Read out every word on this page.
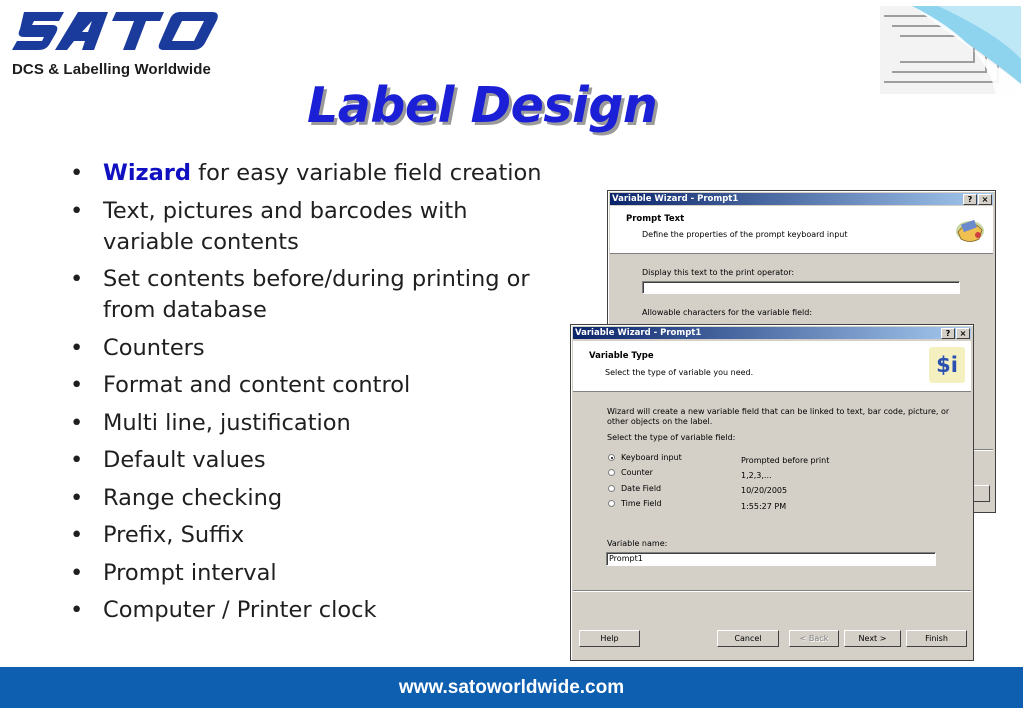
DCS & Labelling Worldwide
Label Design
• Wizard for easy variable field creation
• Text, pictures and barcodes with variable contents
• Set contents before/during printing or from database
• Counters
• Format and content control
• Multi line, justification
• Default values
• Range checking
• Prefix, Suffix
• Prompt interval
• Computer / Printer clock
Variable Wizard - Prompt1	?	×
Prompt Text
Define the properties of the prompt keyboard input
Display this text to the print operator:
Allowable characters for the variable field:
Variable Wizard - Prompt1	?	×
Variable Type
Select the type of variable you need.	$i
Wizard will create a new variable field that can be linked to text, bar code, picture, or
other objects on the label.
Select the type of variable field:
Keyboard input	Prompted before print
Counter	1,2,3,...
Date Field	10/20/2005
Time Field	1:55:27 PM
Variable name:
Prompt1
Help	Cancel	< Back	Next >	Finish
www.satoworldwide.com
